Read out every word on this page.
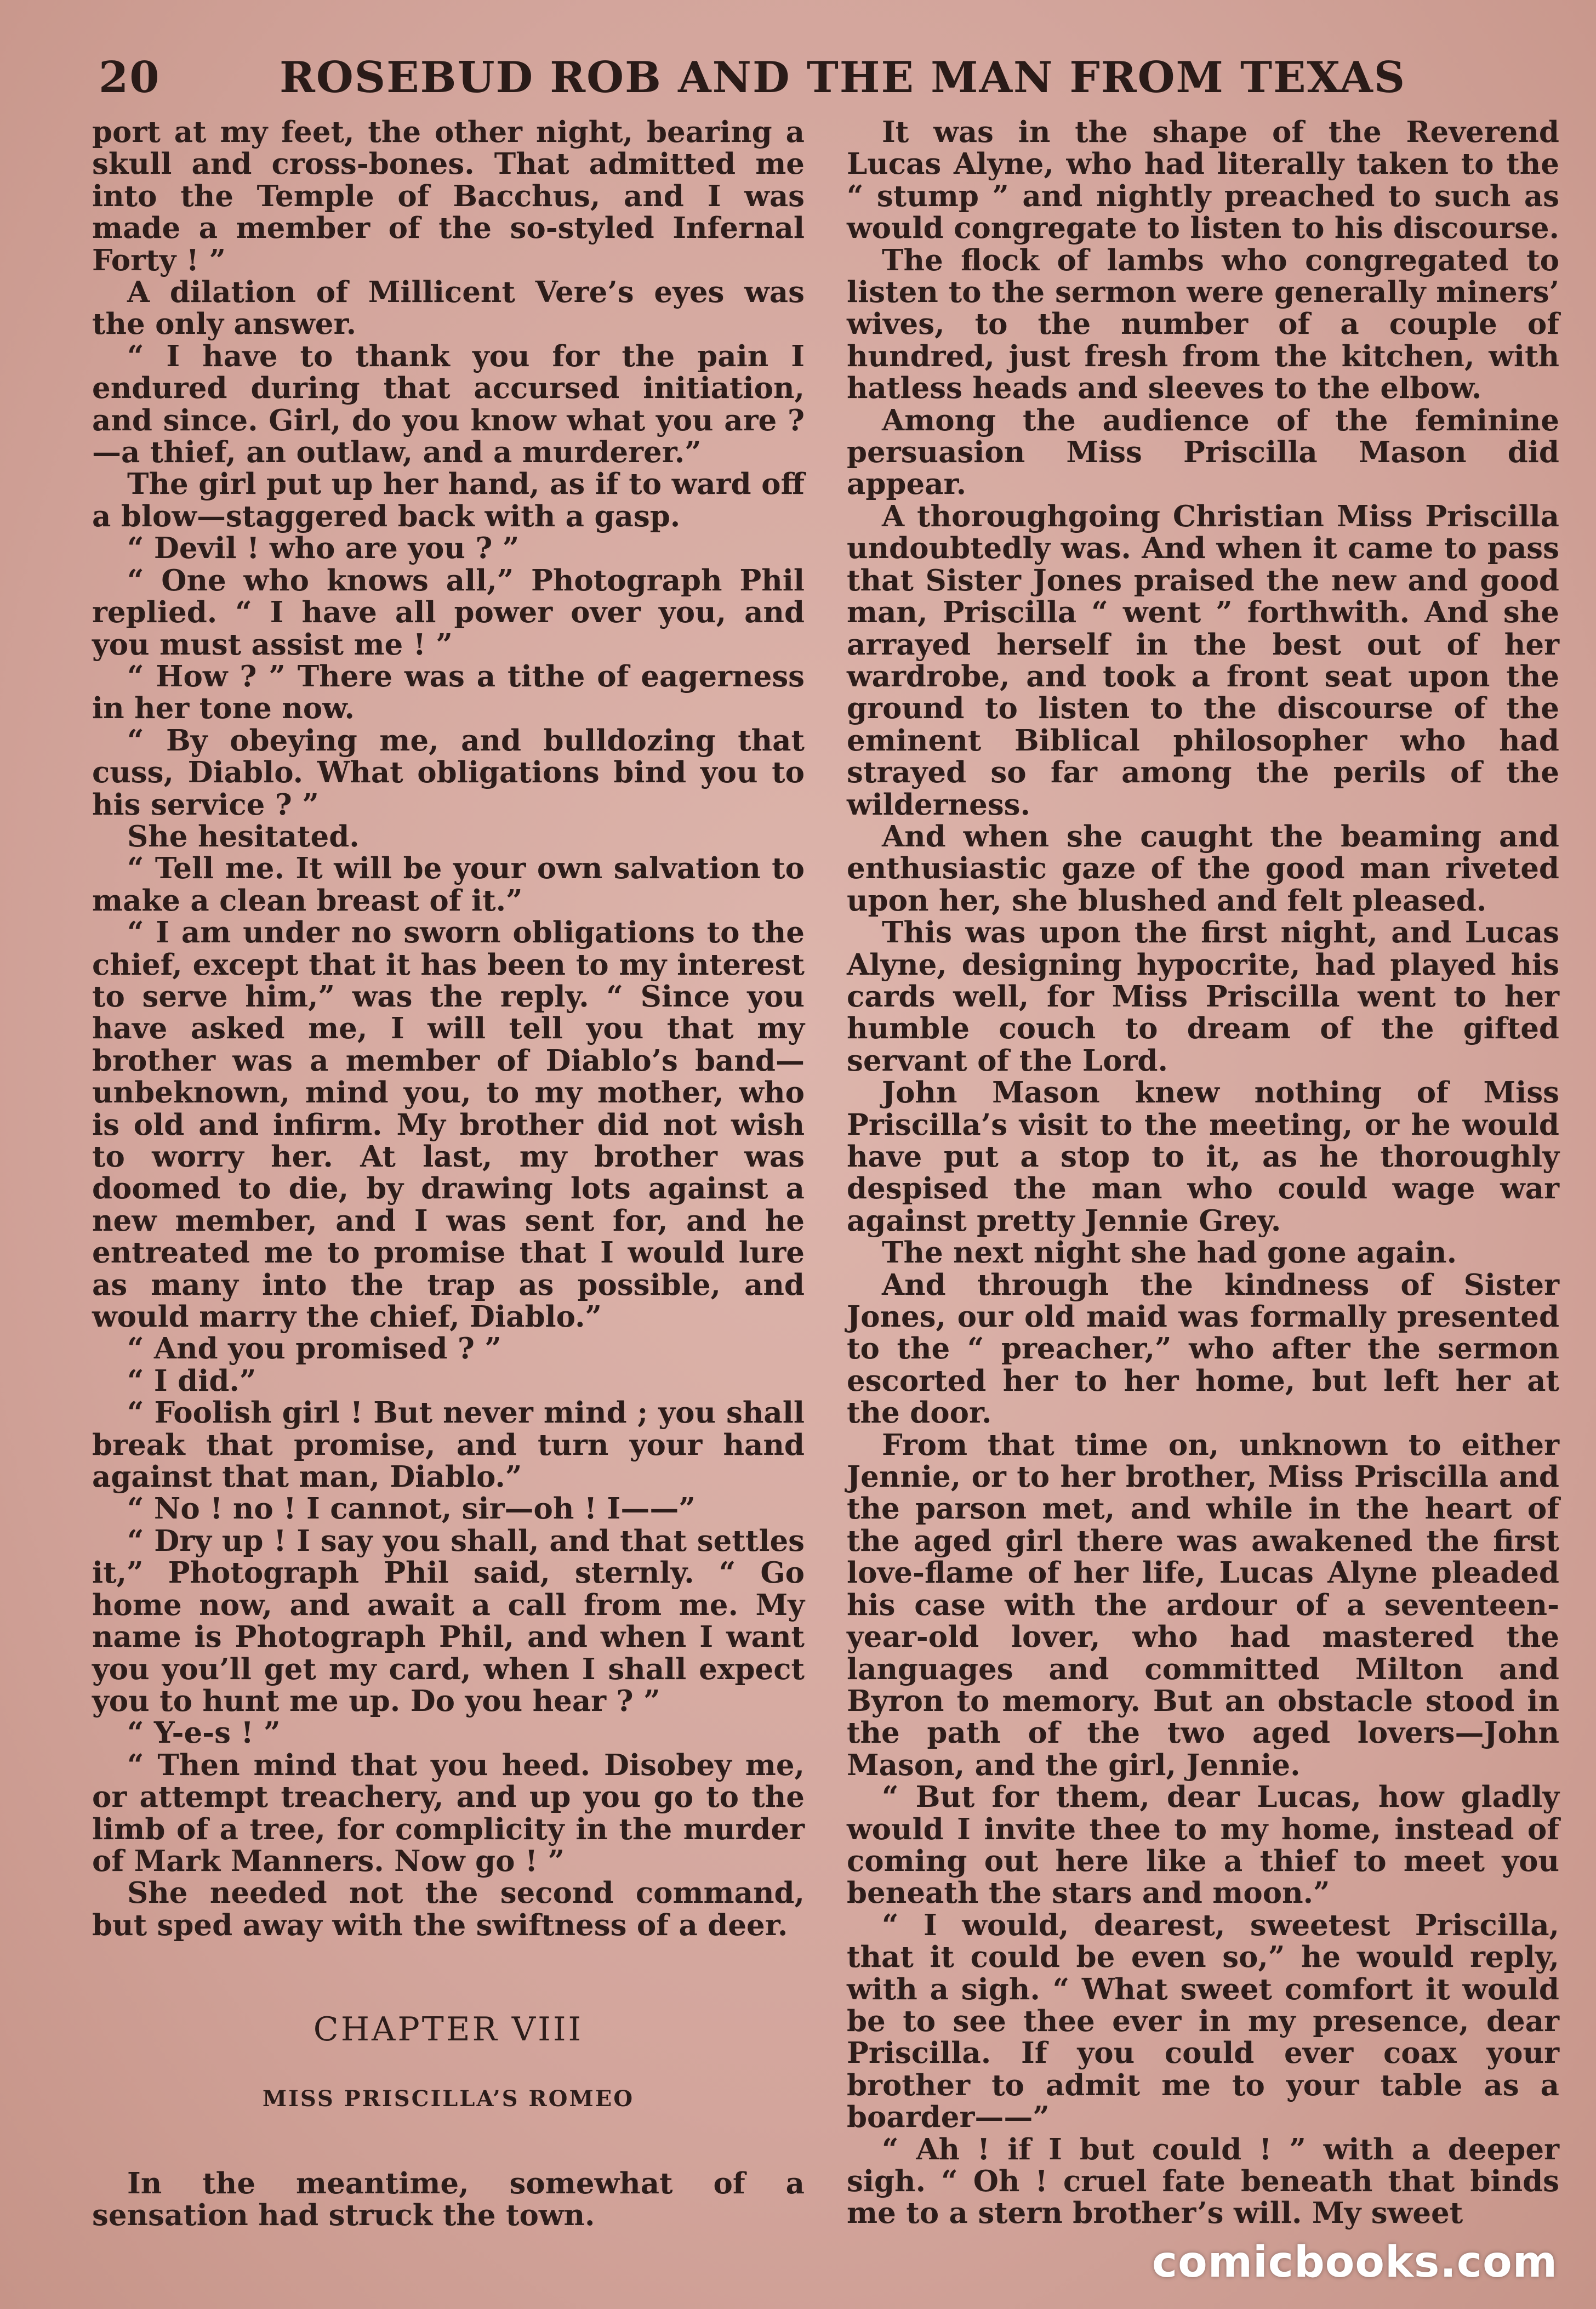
20	ROSEBUD ROB AND THE MAN FROM TEXAS

port at my feet, the other night, bearing a skull and cross-bones. That admitted me into the Temple of Bacchus, and I was made a member of the so-styled Infernal Forty ! ”

A dilation of Millicent Vere’s eyes was the only answer.

“ I have to thank you for the pain I endured during that accursed initiation, and since. Girl, do you know what you are ?—a thief, an outlaw, and a murderer.”

The girl put up her hand, as if to ward off a blow—staggered back with a gasp.

“ Devil ! who are you ? ”

“ One who knows all,” Photograph Phil replied. “ I have all power over you, and you must assist me ! ”

“ How ? ” There was a tithe of eagerness in her tone now.

“ By obeying me, and bulldozing that cuss, Diablo. What obligations bind you to his service ? ”

She hesitated.

“ Tell me. It will be your own salvation to make a clean breast of it.”

“ I am under no sworn obligations to the chief, except that it has been to my interest to serve him,” was the reply. “ Since you have asked me, I will tell you that my brother was a member of Diablo’s band—unbeknown, mind you, to my mother, who is old and infirm. My brother did not wish to worry her. At last, my brother was doomed to die, by drawing lots against a new member, and I was sent for, and he entreated me to promise that I would lure as many into the trap as possible, and would marry the chief, Diablo.”

“ And you promised ? ”

“ I did.”

“ Foolish girl ! But never mind ; you shall break that promise, and turn your hand against that man, Diablo.”

“ No ! no ! I cannot, sir—oh ! I——”

“ Dry up ! I say you shall, and that settles it,” Photograph Phil said, sternly. “ Go home now, and await a call from me. My name is Photograph Phil, and when I want you you’ll get my card, when I shall expect you to hunt me up. Do you hear ? ”

“ Y-e-s ! ”

“ Then mind that you heed. Disobey me, or attempt treachery, and up you go to the limb of a tree, for complicity in the murder of Mark Manners. Now go ! ”

She needed not the second command, but sped away with the swiftness of a deer.

CHAPTER VIII
MISS PRISCILLA’S ROMEO

In the meantime, somewhat of a sensation had struck the town.

It was in the shape of the Reverend Lucas Alyne, who had literally taken to the “ stump ” and nightly preached to such as would congregate to listen to his discourse.

The flock of lambs who congregated to listen to the sermon were generally miners’ wives, to the number of a couple of hundred, just fresh from the kitchen, with hatless heads and sleeves to the elbow.

Among the audience of the feminine persuasion Miss Priscilla Mason did appear.

A thoroughgoing Christian Miss Priscilla undoubtedly was. And when it came to pass that Sister Jones praised the new and good man, Priscilla “ went ” forthwith. And she arrayed herself in the best out of her wardrobe, and took a front seat upon the ground to listen to the discourse of the eminent Biblical philosopher who had strayed so far among the perils of the wilderness.

And when she caught the beaming and enthusiastic gaze of the good man riveted upon her, she blushed and felt pleased.

This was upon the first night, and Lucas Alyne, designing hypocrite, had played his cards well, for Miss Priscilla went to her humble couch to dream of the gifted servant of the Lord.

John Mason knew nothing of Miss Priscilla’s visit to the meeting, or he would have put a stop to it, as he thoroughly despised the man who could wage war against pretty Jennie Grey.

The next night she had gone again.

And through the kindness of Sister Jones, our old maid was formally presented to the “ preacher,” who after the sermon escorted her to her home, but left her at the door.

From that time on, unknown to either Jennie, or to her brother, Miss Priscilla and the parson met, and while in the heart of the aged girl there was awakened the first love-flame of her life, Lucas Alyne pleaded his case with the ardour of a seventeen-year-old lover, who had mastered the languages and committed Milton and Byron to memory. But an obstacle stood in the path of the two aged lovers—John Mason, and the girl, Jennie.

“ But for them, dear Lucas, how gladly would I invite thee to my home, instead of coming out here like a thief to meet you beneath the stars and moon.”

“ I would, dearest, sweetest Priscilla, that it could be even so,” he would reply, with a sigh. “ What sweet comfort it would be to see thee ever in my presence, dear Priscilla. If you could ever coax your brother to admit me to your table as a boarder——”

“ Ah ! if I but could ! ” with a deeper sigh. “ Oh ! cruel fate beneath that binds me to a stern brother’s will. My sweet

comicbooks.com
